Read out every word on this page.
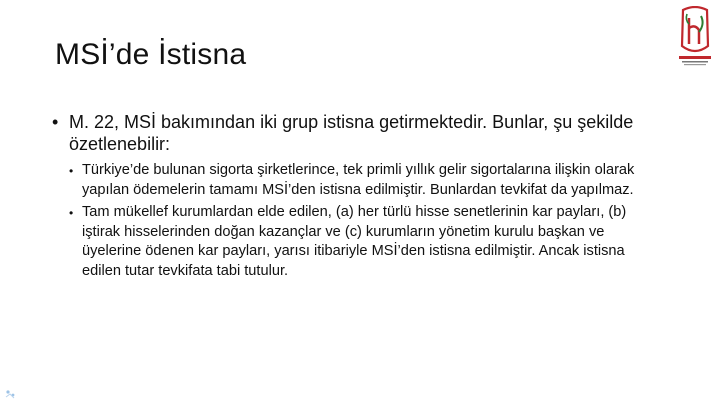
MSİ’de İstisna
• M. 22, MSİ bakımından iki grup istisna getirmektedir. Bunlar, şu şekilde özetlenebilir:
• Türkiye’de bulunan sigorta şirketlerince, tek primli yıllık gelir sigortalarına ilişkin olarak yapılan ödemelerin tamamı MSİ’den istisna edilmiştir. Bunlardan tevkifat da yapılmaz.
• Tam mükellef kurumlardan elde edilen, (a) her türlü hisse senetlerinin kar payları, (b) iştirak hisselerinden doğan kazançlar ve (c) kurumların yönetim kurulu başkan ve üyelerine ödenen kar payları, yarısı itibariyle MSİ’den istisna edilmiştir. Ancak istisna edilen tutar tevkifata tabi tutulur.
